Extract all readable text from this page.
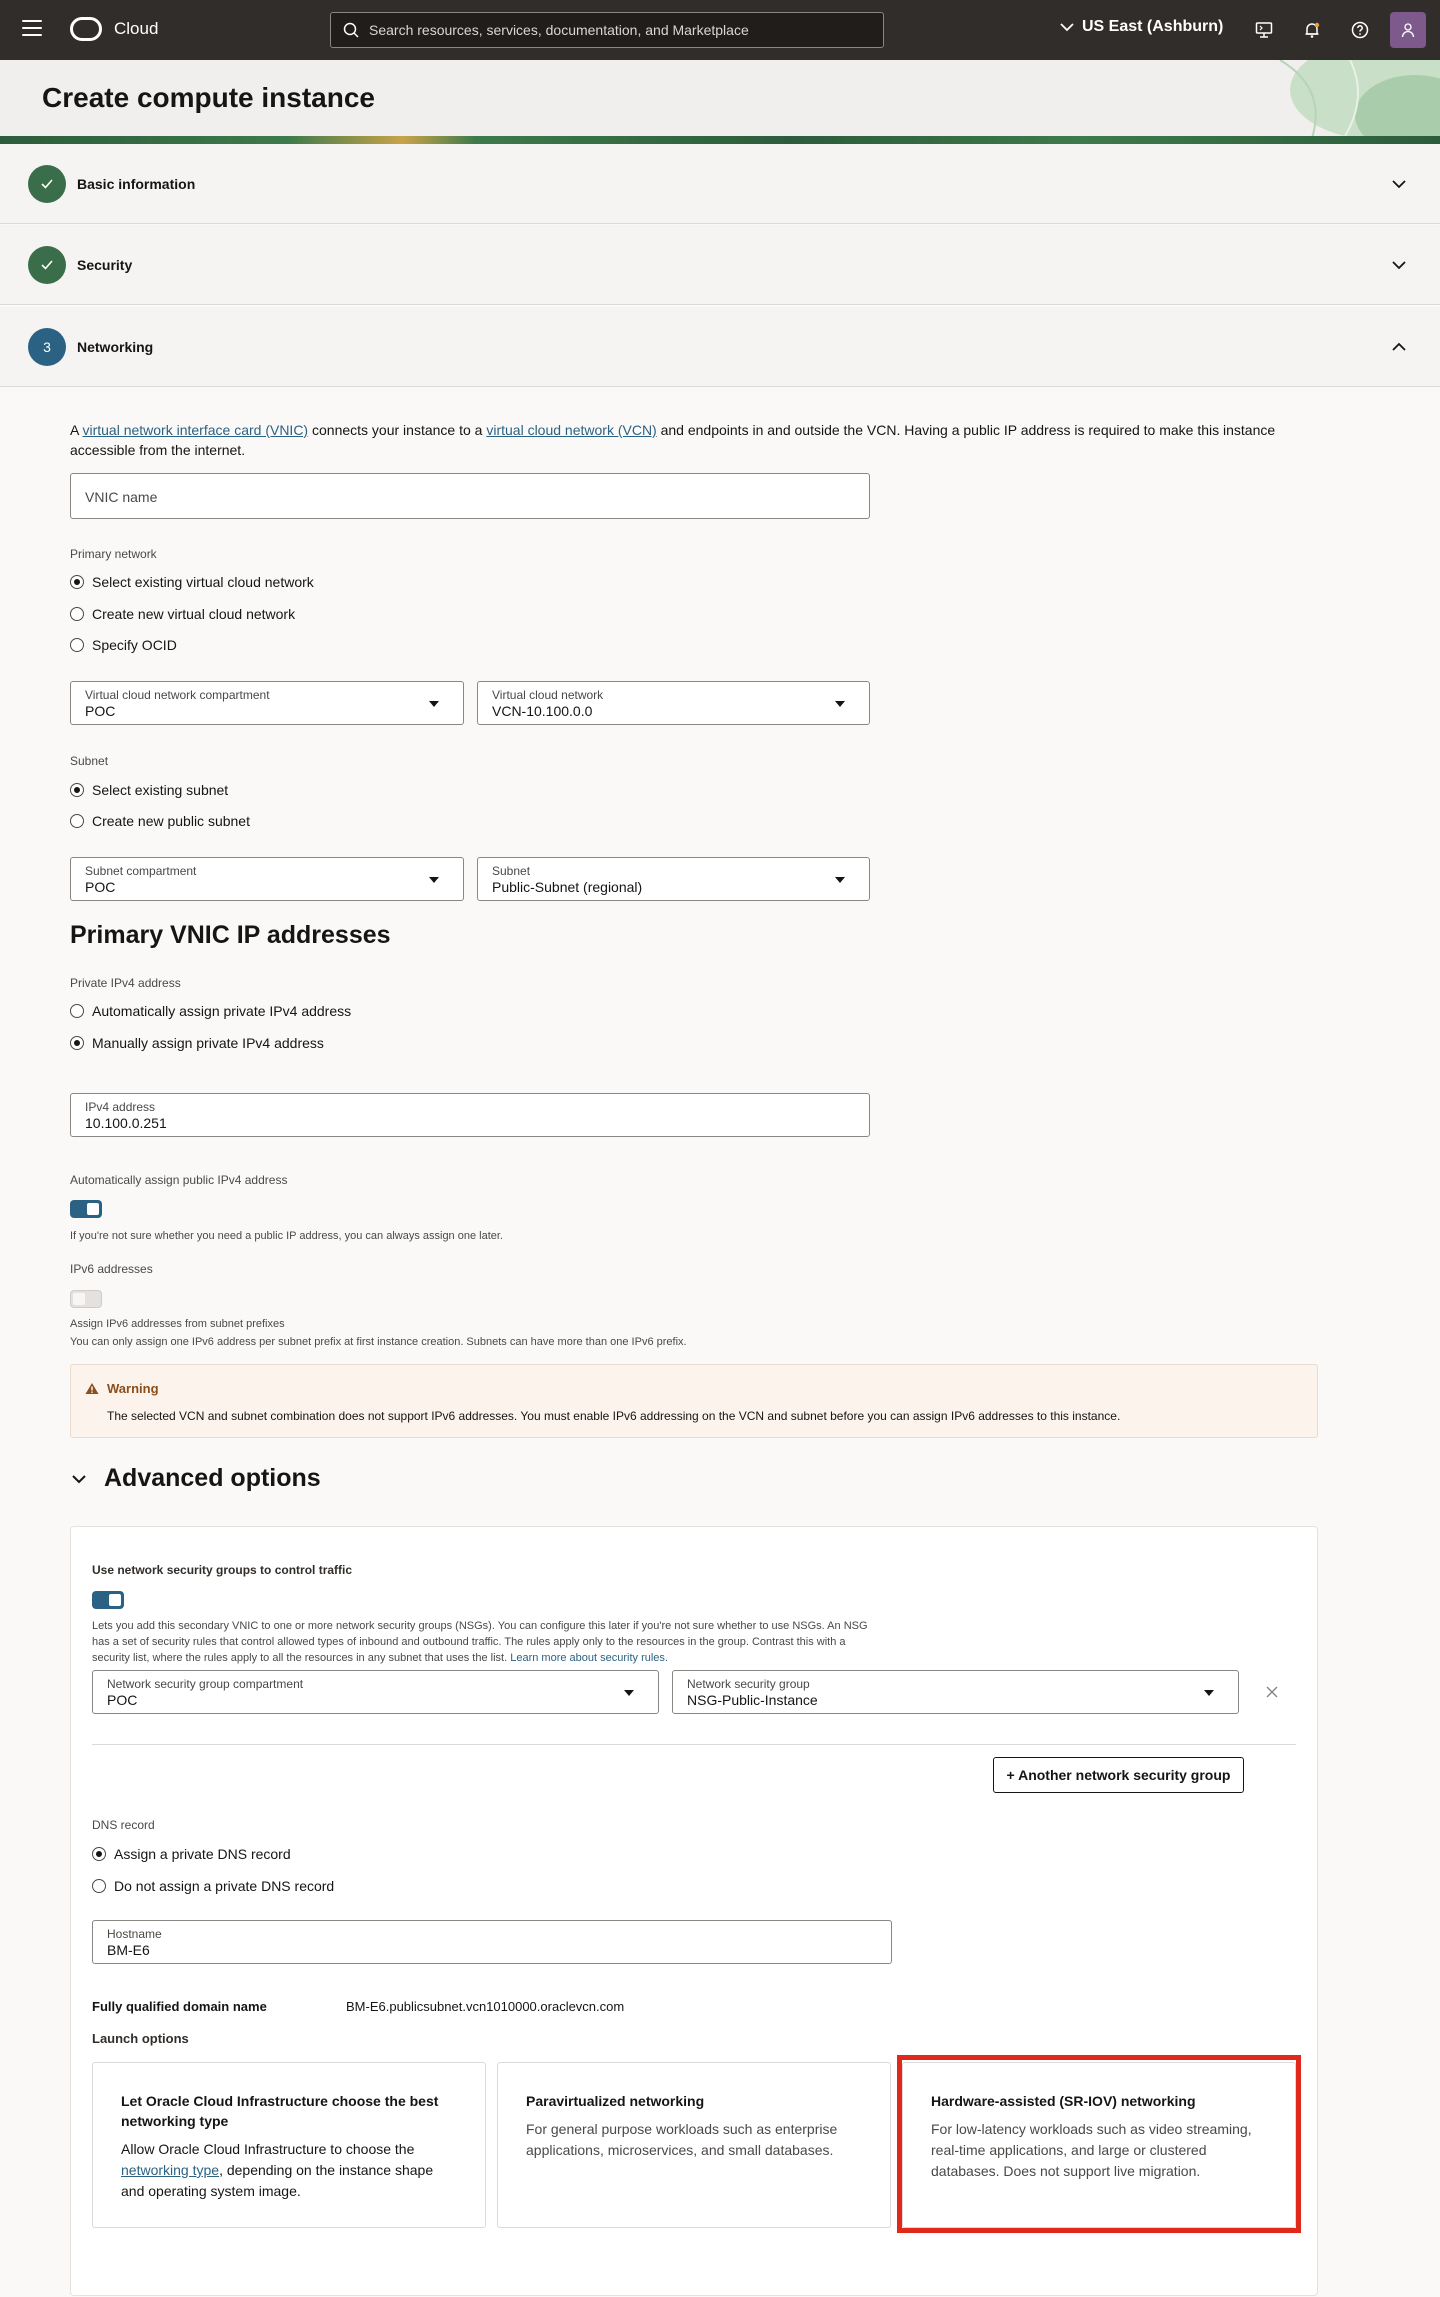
Cloud
Search resources, services, documentation, and Marketplace	US East (Ashburn)
Create compute instance
Basic information
Security
3	Networking
A virtual network interface card (VNIC) connects your instance to a virtual cloud network (VCN) and endpoints in and outside the VCN. Having a public IP address is required to make this instance accessible from the internet.
VNIC name
Primary network
Select existing virtual cloud network
Create new virtual cloud network
Specify OCID
Virtual cloud network compartment
POC
Virtual cloud network
VCN-10.100.0.0
Subnet
Select existing subnet
Create new public subnet
Subnet compartment
POC
Subnet
Public-Subnet (regional)
Primary VNIC IP addresses
Private IPv4 address
Automatically assign private IPv4 address
Manually assign private IPv4 address
IPv4 address
10.100.0.251
Automatically assign public IPv4 address
If you're not sure whether you need a public IP address, you can always assign one later.
IPv6 addresses
Assign IPv6 addresses from subnet prefixes
You can only assign one IPv6 address per subnet prefix at first instance creation. Subnets can have more than one IPv6 prefix.
Warning
The selected VCN and subnet combination does not support IPv6 addresses. You must enable IPv6 addressing on the VCN and subnet before you can assign IPv6 addresses to this instance.
Advanced options
Use network security groups to control traffic
Lets you add this secondary VNIC to one or more network security groups (NSGs). You can configure this later if you're not sure whether to use NSGs. An NSG has a set of security rules that control allowed types of inbound and outbound traffic. The rules apply only to the resources in the group. Contrast this with a security list, where the rules apply to all the resources in any subnet that uses the list. Learn more about security rules.
Network security group compartment
POC
Network security group
NSG-Public-Instance
+ Another network security group
DNS record
Assign a private DNS record
Do not assign a private DNS record
Hostname
BM-E6
Fully qualified domain name	BM-E6.publicsubnet.vcn1010000.oraclevcn.com
Launch options
Let Oracle Cloud Infrastructure choose the best networking type
Allow Oracle Cloud Infrastructure to choose the networking type, depending on the instance shape and operating system image.
Paravirtualized networking
For general purpose workloads such as enterprise applications, microservices, and small databases.
Hardware-assisted (SR-IOV) networking
For low-latency workloads such as video streaming, real-time applications, and large or clustered databases. Does not support live migration.
